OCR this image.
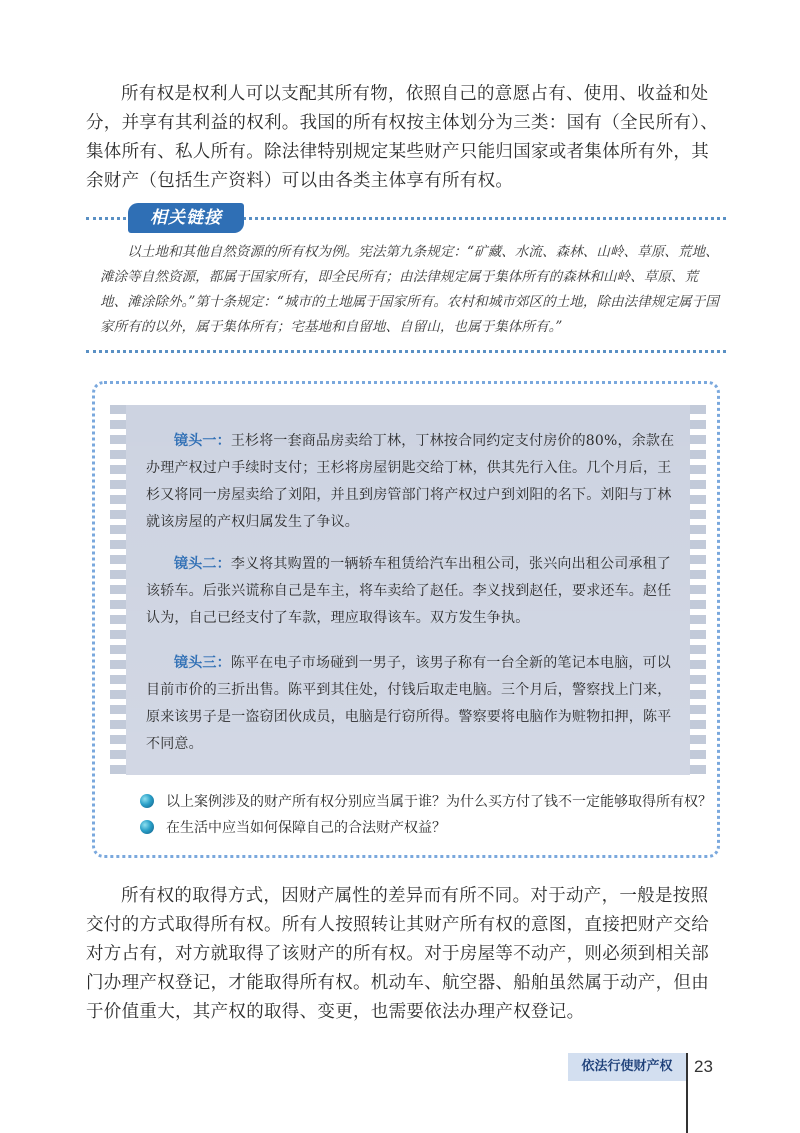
所有权是权利人可以支配其所有物，依照自己的意愿占有、使用、收益和处分，并享有其利益的权利。我国的所有权按主体划分为三类：国有（全民所有）、集体所有、私人所有。除法律特别规定某些财产只能归国家或者集体所有外，其余财产（包括生产资料）可以由各类主体享有所有权。

相关链接

以土地和其他自然资源的所有权为例。宪法第九条规定：“矿藏、水流、森林、山岭、草原、荒地、滩涂等自然资源，都属于国家所有，即全民所有；由法律规定属于集体所有的森林和山岭、草原、荒地、滩涂除外。”第十条规定：“城市的土地属于国家所有。农村和城市郊区的土地，除由法律规定属于国家所有的以外，属于集体所有；宅基地和自留地、自留山，也属于集体所有。”

镜头一：王杉将一套商品房卖给丁林，丁林按合同约定支付房价的80%，余款在办理产权过户手续时支付；王杉将房屋钥匙交给丁林，供其先行入住。几个月后，王杉又将同一房屋卖给了刘阳，并且到房管部门将产权过户到刘阳的名下。刘阳与丁林就该房屋的产权归属发生了争议。

镜头二：李义将其购置的一辆轿车租赁给汽车出租公司，张兴向出租公司承租了该轿车。后张兴谎称自己是车主，将车卖给了赵任。李义找到赵任，要求还车。赵任认为，自己已经支付了车款，理应取得该车。双方发生争执。

镜头三：陈平在电子市场碰到一男子，该男子称有一台全新的笔记本电脑，可以目前市价的三折出售。陈平到其住处，付钱后取走电脑。三个月后，警察找上门来，原来该男子是一盗窃团伙成员，电脑是行窃所得。警察要将电脑作为赃物扣押，陈平不同意。

以上案例涉及的财产所有权分别应当属于谁？为什么买方付了钱不一定能够取得所有权？

在生活中应当如何保障自己的合法财产权益？

所有权的取得方式，因财产属性的差异而有所不同。对于动产，一般是按照交付的方式取得所有权。所有人按照转让其财产所有权的意图，直接把财产交给对方占有，对方就取得了该财产的所有权。对于房屋等不动产，则必须到相关部门办理产权登记，才能取得所有权。机动车、航空器、船舶虽然属于动产，但由于价值重大，其产权的取得、变更，也需要依法办理产权登记。

依法行使财产权	23
